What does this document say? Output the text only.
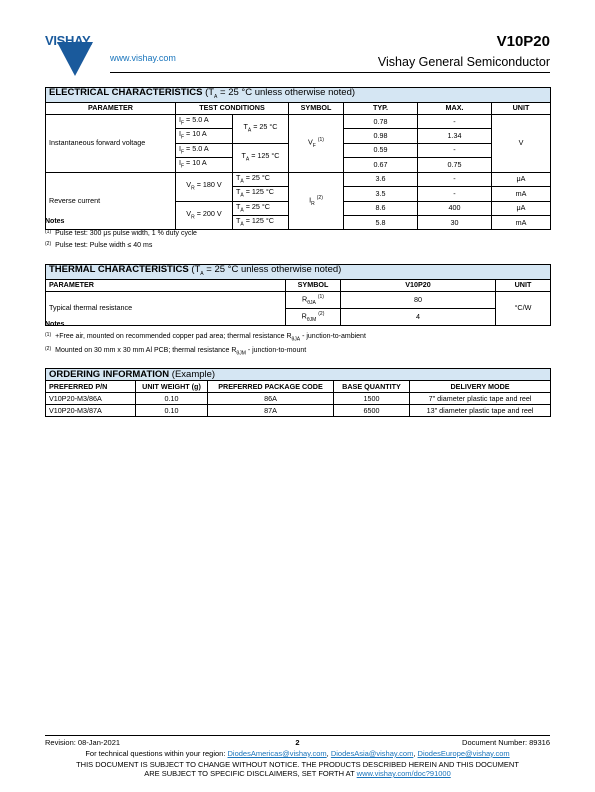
VISHAY.
www.vishay.com
V10P20
Vishay General Semiconductor
ELECTRICAL CHARACTERISTICS ($T_A = 25$ °C unless otherwise noted)						
PARAMETER	TEST CONDITIONS		SYMBOL	TYP.	MAX.	UNIT
Instantaneous forward voltage	$I_F = 5.0$ A	$T_A = 25$ °C	$V_F$ $^{(1)}$	0.78	-	V
	$I_F = 10$ A			0.98	1.34	
	$I_F = 5.0$ A	$T_A = 125$ °C		0.59	-	
	$I_F = 10$ A			0.67	0.75	
Reverse current	$V_R = 180$ V	$T_A = 25$ °C	$I_R$ $^{(2)}$	3.6	-	μA
		$T_A = 125$ °C		3.5	-	mA
	$V_R = 200$ V	$T_A = 25$ °C		8.6	400	μA
		$T_A = 125$ °C		5.8	30	mA
Notes
$^{(1)}$ Pulse test: 300 μs pulse width, 1 % duty cycle
$^{(2)}$ Pulse test: Pulse width ≤ 40 ms
THERMAL CHARACTERISTICS ($T_A = 25$ °C unless otherwise noted)			
PARAMETER	SYMBOL	V10P20	UNIT
Typical thermal resistance	$R_{\theta JA}$ $^{(1)}$	80	°C/W
	$R_{\theta JM}$ $^{(2)}$	4	
Notes
$^{(1)}$ +Free air, mounted on recommended copper pad area; thermal resistance $R_{\theta JA}$ - junction-to-ambient
$^{(2)}$ Mounted on 30 mm x 30 mm Al PCB; thermal resistance $R_{\theta JM}$ - junction-to-mount
ORDERING INFORMATION (Example)				
PREFERRED P/N	UNIT WEIGHT (g)	PREFERRED PACKAGE CODE	BASE QUANTITY	DELIVERY MODE
V10P20-M3/86A	0.10	86A	1500	7" diameter plastic tape and reel
V10P20-M3/87A	0.10	87A	6500	13" diameter plastic tape and reel
Revision: 08-Jan-2021	2	Document Number: 89316
For technical questions within your region: DiodesAmericas@vishay.com, DiodesAsia@vishay.com, DiodesEurope@vishay.com
THIS DOCUMENT IS SUBJECT TO CHANGE WITHOUT NOTICE. THE PRODUCTS DESCRIBED HEREIN AND THIS DOCUMENT
ARE SUBJECT TO SPECIFIC DISCLAIMERS, SET FORTH AT www.vishay.com/doc?91000
